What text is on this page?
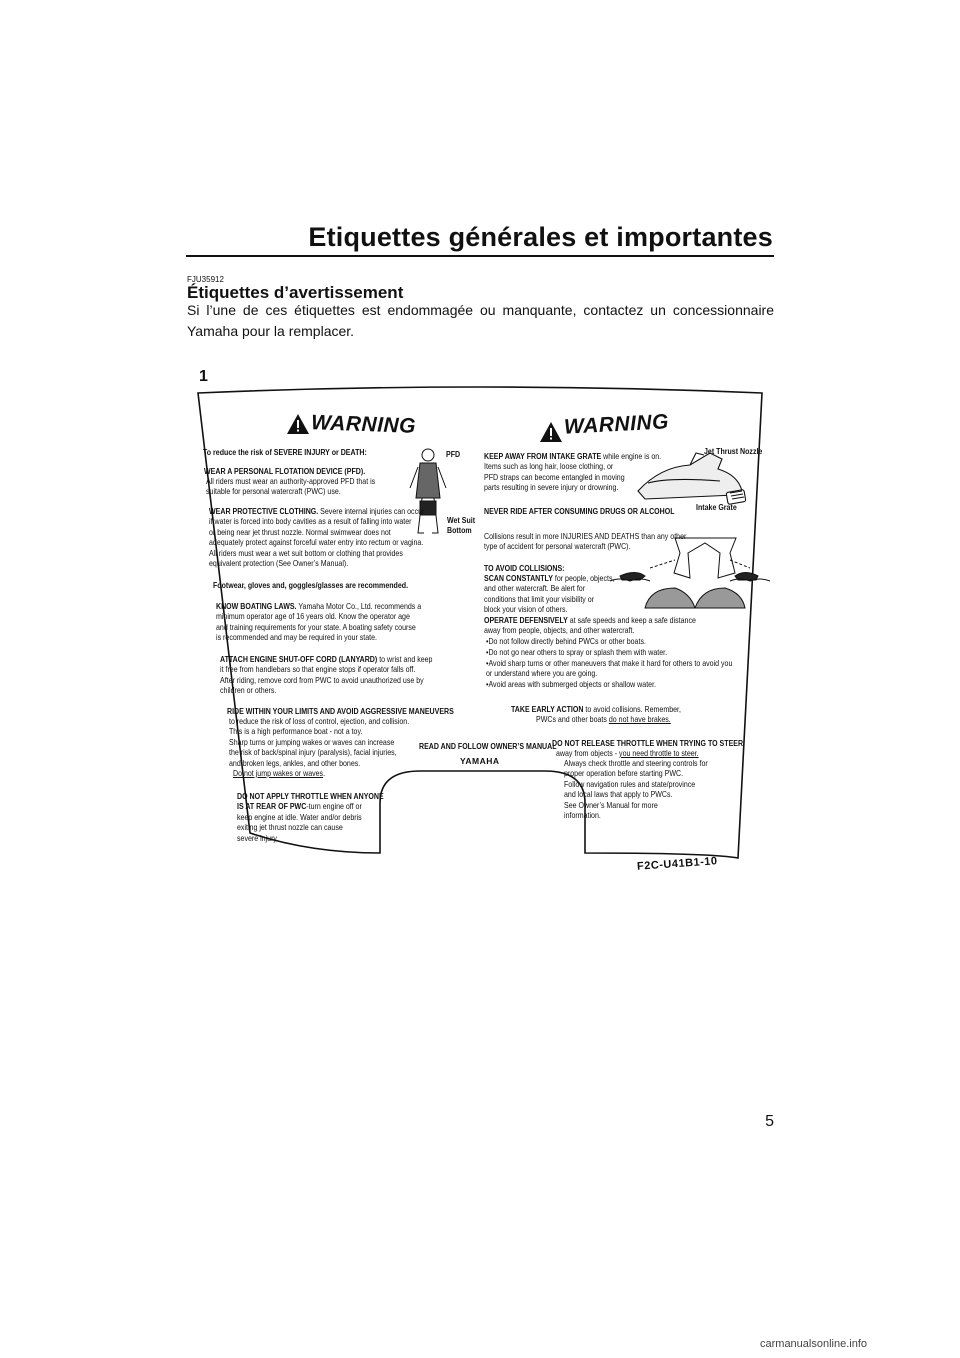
Etiquettes générales et importantes
FJU35912
Étiquettes d’avertissement
Si l’une de ces étiquettes est endommagée ou manquante, contactez un concessionnaire Yamaha pour la remplacer.
1
WARNING	WARNING
To reduce the risk of SEVERE INJURY or DEATH:
WEAR A PERSONAL FLOTATION DEVICE (PFD).
All riders must wear an authority-approved PFD that is
suitable for personal watercraft (PWC) use.
WEAR PROTECTIVE CLOTHING. Severe internal injuries can occur
if water is forced into body cavities as a result of falling into water
or being near jet thrust nozzle. Normal swimwear does not
adequately protect against forceful water entry into rectum or vagina.
All riders must wear a wet suit bottom or clothing that provides
equivalent protection (See Owner’s Manual).
Footwear, gloves and, goggles/glasses are recommended.
KNOW BOATING LAWS. Yamaha Motor Co., Ltd. recommends a
minimum operator age of 16 years old. Know the operator age
and training requirements for your state. A boating safety course
is recommended and may be required in your state.
ATTACH ENGINE SHUT-OFF CORD (LANYARD) to wrist and keep
it free from handlebars so that engine stops if operator falls off.
After riding, remove cord from PWC to avoid unauthorized use by
children or others.
RIDE WITHIN YOUR LIMITS AND AVOID AGGRESSIVE MANEUVERS
to reduce the risk of loss of control, ejection, and collision.
This is a high performance boat - not a toy.
Sharp turns or jumping wakes or waves can increase
the risk of back/spinal injury (paralysis), facial injuries,
and broken legs, ankles, and other bones.
Do not jump wakes or waves.
DO NOT APPLY THROTTLE WHEN ANYONE
IS AT REAR OF PWC-turn engine off or
keep engine at idle. Water and/or debris
exiting jet thrust nozzle can cause
severe injury.
PFD
Wet Suit
Bottom
KEEP AWAY FROM INTAKE GRATE while engine is on.
Items such as long hair, loose clothing, or
PFD straps can become entangled in moving
parts resulting in severe injury or drowning.
NEVER RIDE AFTER CONSUMING DRUGS OR ALCOHOL
Collisions result in more INJURIES AND DEATHS than any other
type of accident for personal watercraft (PWC).
TO AVOID COLLISIONS:
SCAN CONSTANTLY for people, objects,
and other watercraft. Be alert for
conditions that limit your visibility or
block your vision of others.
OPERATE DEFENSIVELY at safe speeds and keep a safe distance
away from people, objects, and other watercraft.
•Do not follow directly behind PWCs or other boats.
•Do not go near others to spray or splash them with water.
•Avoid sharp turns or other maneuvers that make it hard for others to avoid you
or understand where you are going.
•Avoid areas with submerged objects or shallow water.
TAKE EARLY ACTION to avoid collisions. Remember,
PWCs and other boats do not have brakes.
DO NOT RELEASE THROTTLE WHEN TRYING TO STEER
away from objects - you need throttle to steer.
Always check throttle and steering controls for
proper operation before starting PWC.
Follow navigation rules and state/province
and local laws that apply to PWCs.
See Owner’s Manual for more
information.
Jet Thrust Nozzle
Intake Grate
READ AND FOLLOW OWNER’S MANUAL
YAMAHA
F2C-U41B1-10
5
carmanualsonline.info
